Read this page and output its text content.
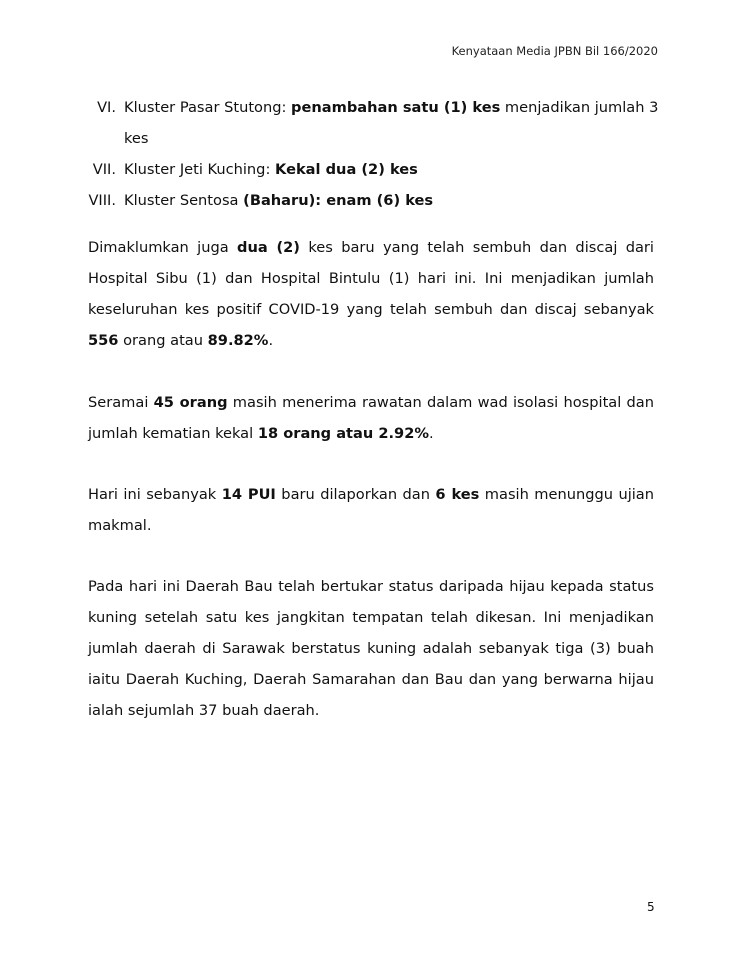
Kenyataan Media JPBN Bil 166/2020
VI. Kluster Pasar Stutong: penambahan satu (1) kes menjadikan jumlah 3 kes
VII. Kluster Jeti Kuching: Kekal dua (2) kes
VIII. Kluster Sentosa (Baharu): enam (6) kes

Dimaklumkan juga dua (2) kes baru yang telah sembuh dan discaj dari Hospital Sibu (1) dan Hospital Bintulu (1) hari ini. Ini menjadikan jumlah keseluruhan kes positif COVID-19 yang telah sembuh dan discaj sebanyak 556 orang atau 89.82%.

Seramai 45 orang masih menerima rawatan dalam wad isolasi hospital dan jumlah kematian kekal 18 orang atau 2.92%.

Hari ini sebanyak 14 PUI baru dilaporkan dan 6 kes masih menunggu ujian makmal.

Pada hari ini Daerah Bau telah bertukar status daripada hijau kepada status kuning setelah satu kes jangkitan tempatan telah dikesan. Ini menjadikan jumlah daerah di Sarawak berstatus kuning adalah sebanyak tiga (3) buah iaitu Daerah Kuching, Daerah Samarahan dan Bau dan yang berwarna hijau ialah sejumlah 37 buah daerah.

5
